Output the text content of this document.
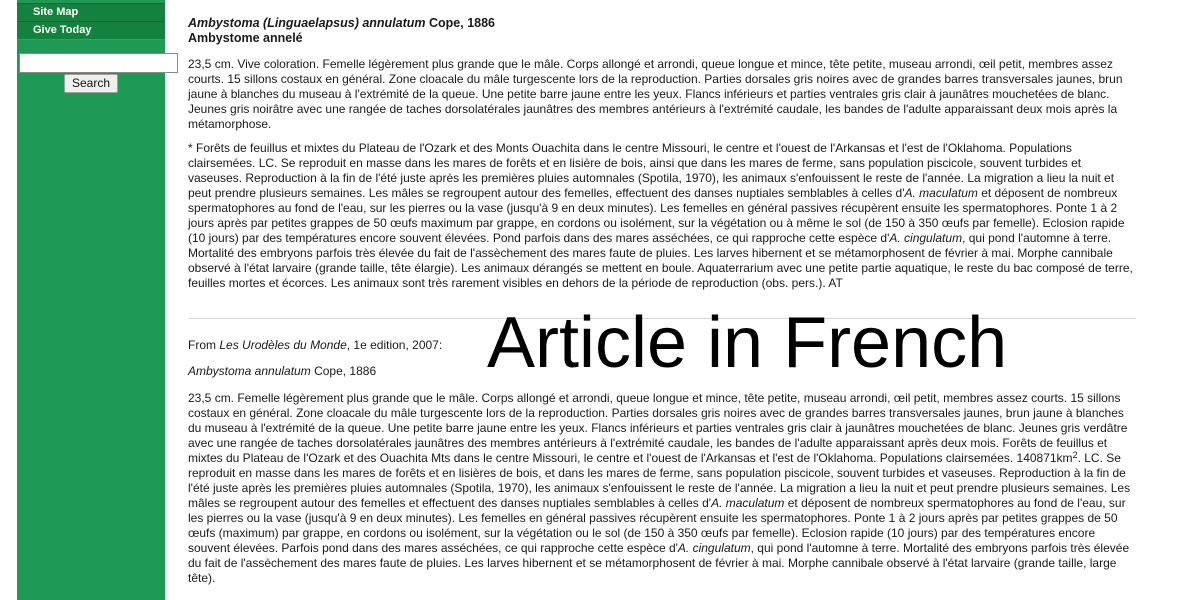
Site Map
Give Today
Search

Ambystoma (Linguaelapsus) annulatum Cope, 1886

Ambystome annelé

23,5 cm. Vive coloration. Femelle légèrement plus grande que le mâle. Corps allongé et arrondi, queue longue et mince, tête petite, museau arrondi, œil petit, membres assez courts. 15 sillons costaux en général. Zone cloacale du mâle turgescente lors de la reproduction. Parties dorsales gris noires avec de grandes barres transversales jaunes, brun jaune à blanches du museau à l'extrémité de la queue. Une petite barre jaune entre les yeux. Flancs inférieurs et parties ventrales gris clair à jaunâtres mouchetées de blanc. Jeunes gris noirâtre avec une rangée de taches dorsolatérales jaunâtres des membres antérieurs à l'extrémité caudale, les bandes de l'adulte apparaissant deux mois après la métamorphose.

* Forêts de feuillus et mixtes du Plateau de l'Ozark et des Monts Ouachita dans le centre Missouri, le centre et l'ouest de l'Arkansas et l'est de l'Oklahoma. Populations clairsemées. LC. Se reproduit en masse dans les mares de forêts et en lisière de bois, ainsi que dans les mares de ferme, sans population piscicole, souvent turbides et vaseuses. Reproduction à la fin de l'été juste après les premières pluies automnales (Spotila, 1970), les animaux s'enfouissent le reste de l'année. La migration a lieu la nuit et peut prendre plusieurs semaines. Les mâles se regroupent autour des femelles, effectuent des danses nuptiales semblables à celles d'A. maculatum et déposent de nombreux spermatophores au fond de l'eau, sur les pierres ou la vase (jusqu'à 9 en deux minutes). Les femelles en général passives récupèrent ensuite les spermatophores. Ponte 1 à 2 jours après par petites grappes de 50 œufs maximum par grappe, en cordons ou isolément, sur la végétation ou à même le sol (de 150 à 350 œufs par femelle). Eclosion rapide (10 jours) par des températures encore souvent élevées. Pond parfois dans des mares asséchées, ce qui rapproche cette espèce d'A. cingulatum, qui pond l'automne à terre. Mortalité des embryons parfois très élevée du fait de l'assèchement des mares faute de pluies. Les larves hibernent et se métamorphosent de février à mai. Morphe cannibale observé à l'état larvaire (grande taille, tête élargie). Les animaux dérangés se mettent en boule. Aquaterrarium avec une petite partie aquatique, le reste du bac composé de terre, feuilles mortes et écorces. Les animaux sont très rarement visibles en dehors de la période de reproduction (obs. pers.). AT

From Les Urodèles du Monde, 1e edition, 2007:

Ambystoma annulatum Cope, 1886

23,5 cm. Femelle légèrement plus grande que le mâle. Corps allongé et arrondi, queue longue et mince, tête petite, museau arrondi, œil petit, membres assez courts. 15 sillons costaux en général. Zone cloacale du mâle turgescente lors de la reproduction. Parties dorsales gris noires avec de grandes barres transversales jaunes, brun jaune à blanches du museau à l'extrémité de la queue. Une petite barre jaune entre les yeux. Flancs inférieurs et parties ventrales gris clair à jaunâtres mouchetées de blanc. Jeunes gris verdâtre avec une rangée de taches dorsolatérales jaunâtres des membres antérieurs à l'extrémité caudale, les bandes de l'adulte apparaissant après deux mois. Forêts de feuillus et mixtes du Plateau de l'Ozark et des Ouachita Mts dans le centre Missouri, le centre et l'ouest de l'Arkansas et l'est de l'Oklahoma. Populations clairsemées. $140871km^2$. LC. Se reproduit en masse dans les mares de forêts et en lisières de bois, et dans les mares de ferme, sans population piscicole, souvent turbides et vaseuses. Reproduction à la fin de l'été juste après les premières pluies automnales (Spotila, 1970), les animaux s'enfouissent le reste de l'année. La migration a lieu la nuit et peut prendre plusieurs semaines. Les mâles se regroupent autour des femelles et effectuent des danses nuptiales semblables à celles d'A. maculatum et déposent de nombreux spermatophores au fond de l'eau, sur les pierres ou la vase (jusqu'à 9 en deux minutes). Les femelles en général passives récupèrent ensuite les spermatophores. Ponte 1 à 2 jours après par petites grappes de 50 œufs (maximum) par grappe, en cordons ou isolément, sur la végétation ou le sol (de 150 à 350 œufs par femelle). Eclosion rapide (10 jours) par des températures encore souvent élevées. Parfois pond dans des mares asséchées, ce qui rapproche cette espèce d'A. cingulatum, qui pond l'automne à terre. Mortalité des embryons parfois très élevée du fait de l'assèchement des mares faute de pluies. Les larves hibernent et se métamorphosent de février à mai. Morphe cannibale observé à l'état larvaire (grande taille, large tête).

Article in French
